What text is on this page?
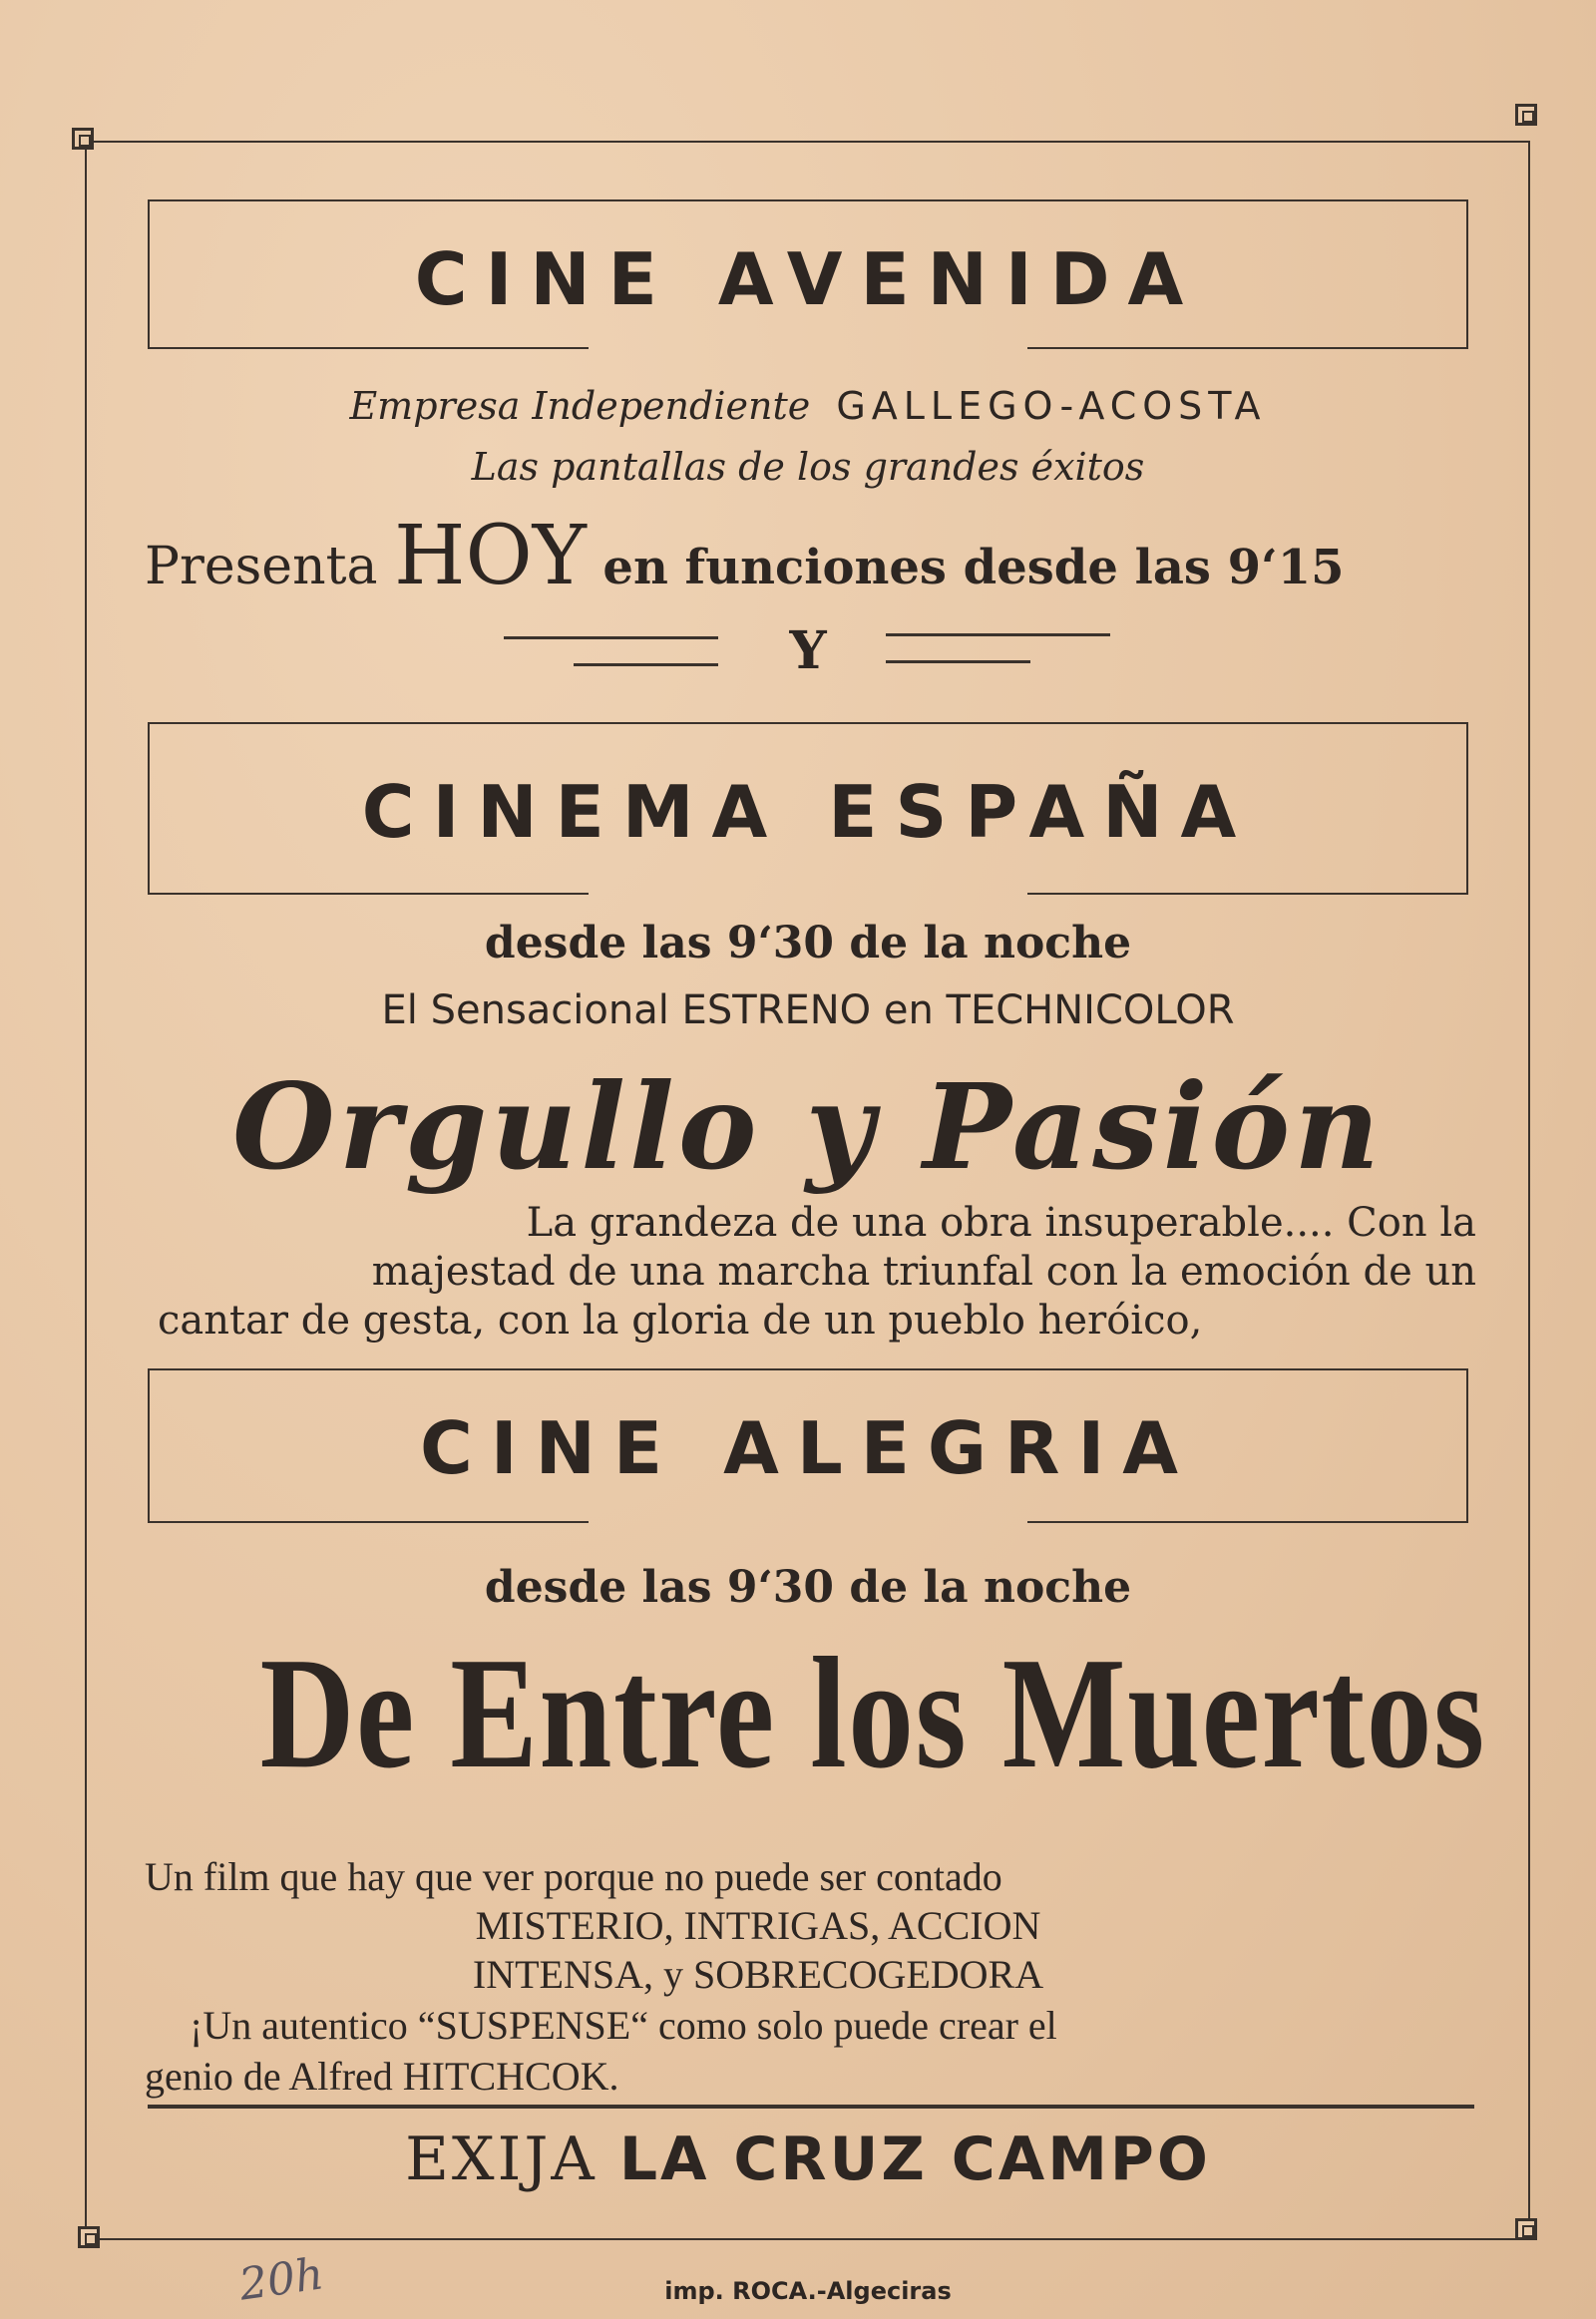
CINE AVENIDA
Empresa Independiente GALLEGO-ACOSTA
Las pantallas de los grandes éxitos
Presenta HOY en funciones desde las 9‘15
Y
CINEMA ESPAÑA
desde las 9‘30 de la noche
El Sensacional ESTRENO en TECHNICOLOR
Orgullo y Pasión
La grandeza de una obra insuperable.... Con la
majestad de una marcha triunfal con la emoción de un
cantar de gesta, con la gloria de un pueblo heróico,
CINE ALEGRIA
desde las 9‘30 de la noche
De Entre los Muertos
Un film que hay que ver porque no puede ser contado
MISTERIO, INTRIGAS, ACCION
INTENSA, y SOBRECOGEDORA
¡Un autentico “SUSPENSE“ como solo puede crear el
genio de Alfred HITCHCOK.
EXIJA LA CRUZ CAMPO
20h	imp. ROCA.-Algeciras
